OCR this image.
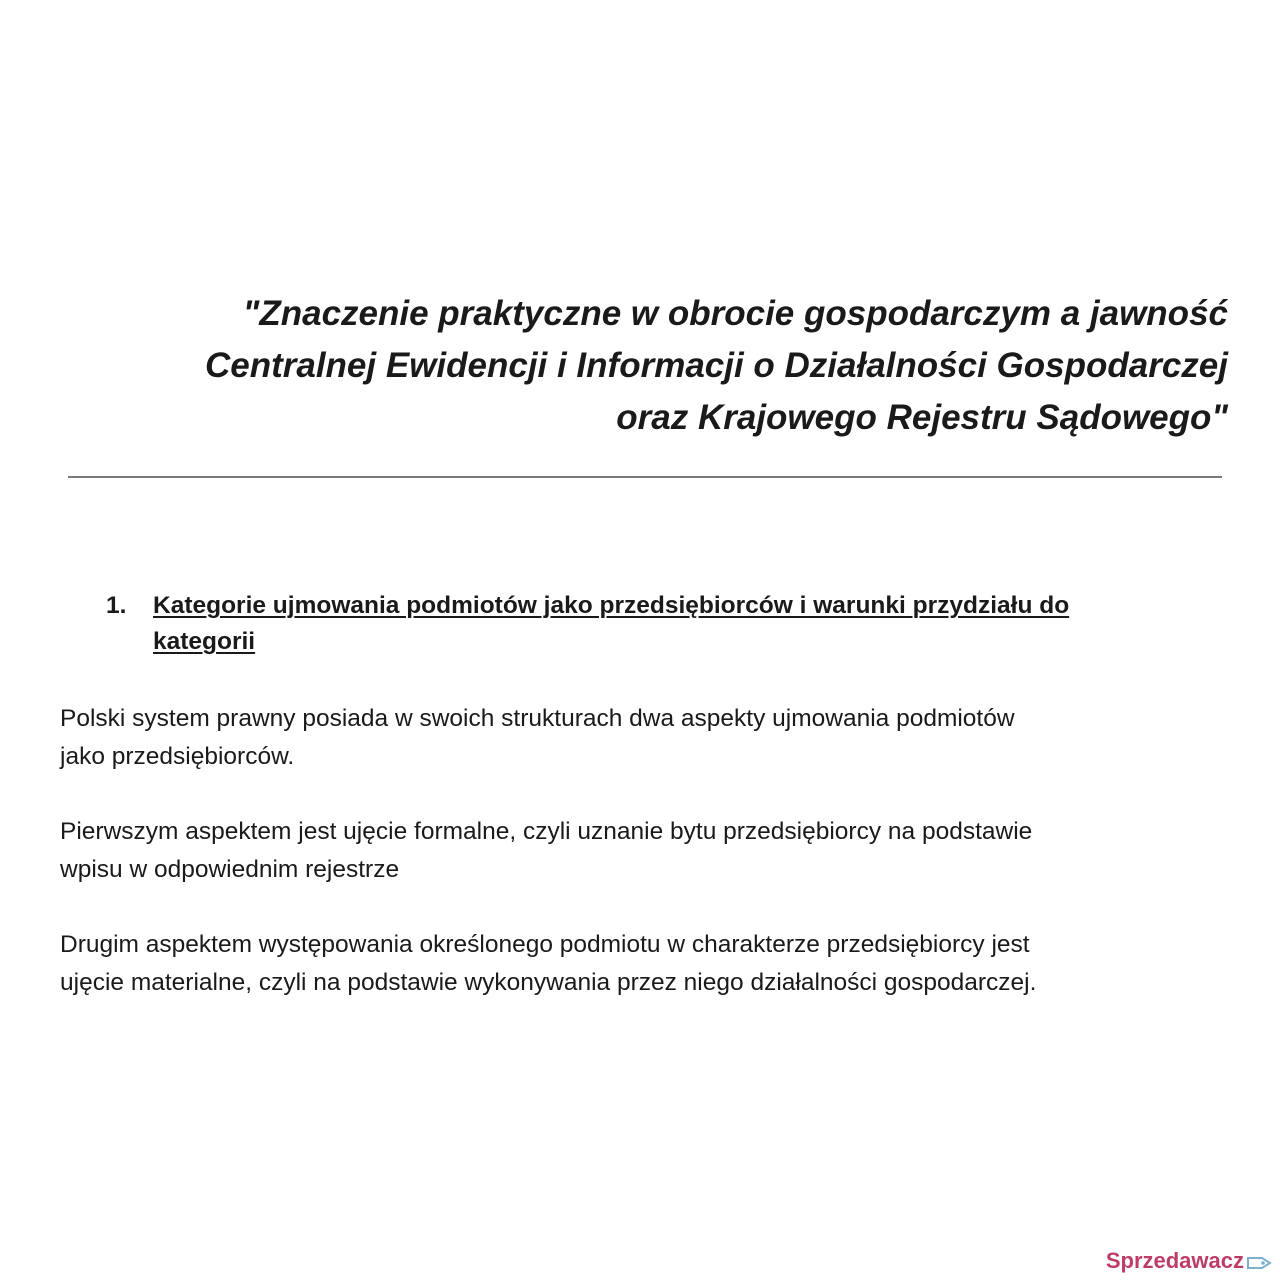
"Znaczenie praktyczne w obrocie gospodarczym a jawność
Centralnej Ewidencji i Informacji o Działalności Gospodarczej
oraz Krajowego Rejestru Sądowego"
1. Kategorie ujmowania podmiotów jako przedsiębiorców i warunki przydziału do
kategorii

Polski system prawny posiada w swoich strukturach dwa aspekty ujmowania podmiotów
jako przedsiębiorców.

Pierwszym aspektem jest ujęcie formalne, czyli uznanie bytu przedsiębiorcy na podstawie
wpisu w odpowiednim rejestrze

Drugim aspektem występowania określonego podmiotu w charakterze przedsiębiorcy jest
ujęcie materialne, czyli na podstawie wykonywania przez niego działalności gospodarczej.

Sprzedawacz
